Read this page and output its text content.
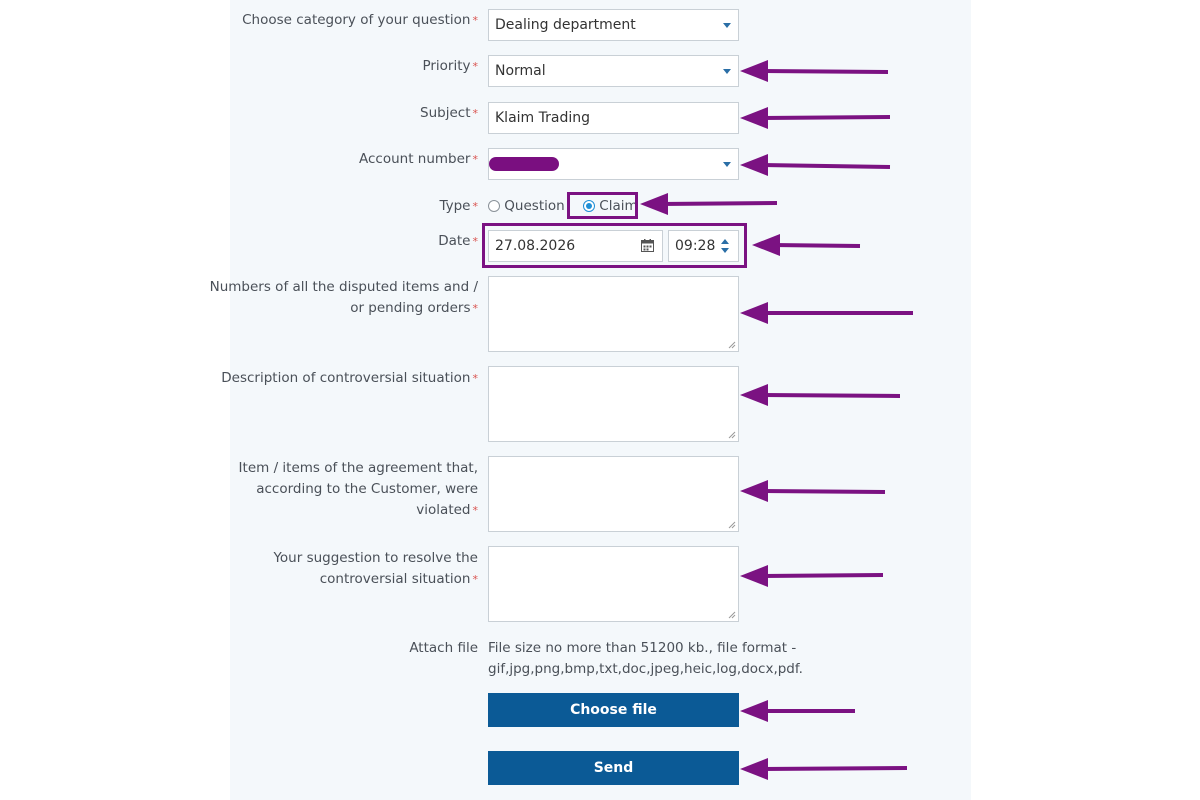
Choose category of your question * Dealing department
Priority * Normal
Subject * Klaim Trading
Account number *
Type *	Question	Claim
Date * 27.08.2026	09:28
Numbers of all the disputed items and /
or pending orders *
Description of controversial situation *
Item / items of the agreement that,
according to the Customer, were
violated *
Your suggestion to resolve the
controversial situation *
Attach file File size no more than 51200 kb., file format -
gif,jpg,png,bmp,txt,doc,jpeg,heic,log,docx,pdf.
Choose file
Send
